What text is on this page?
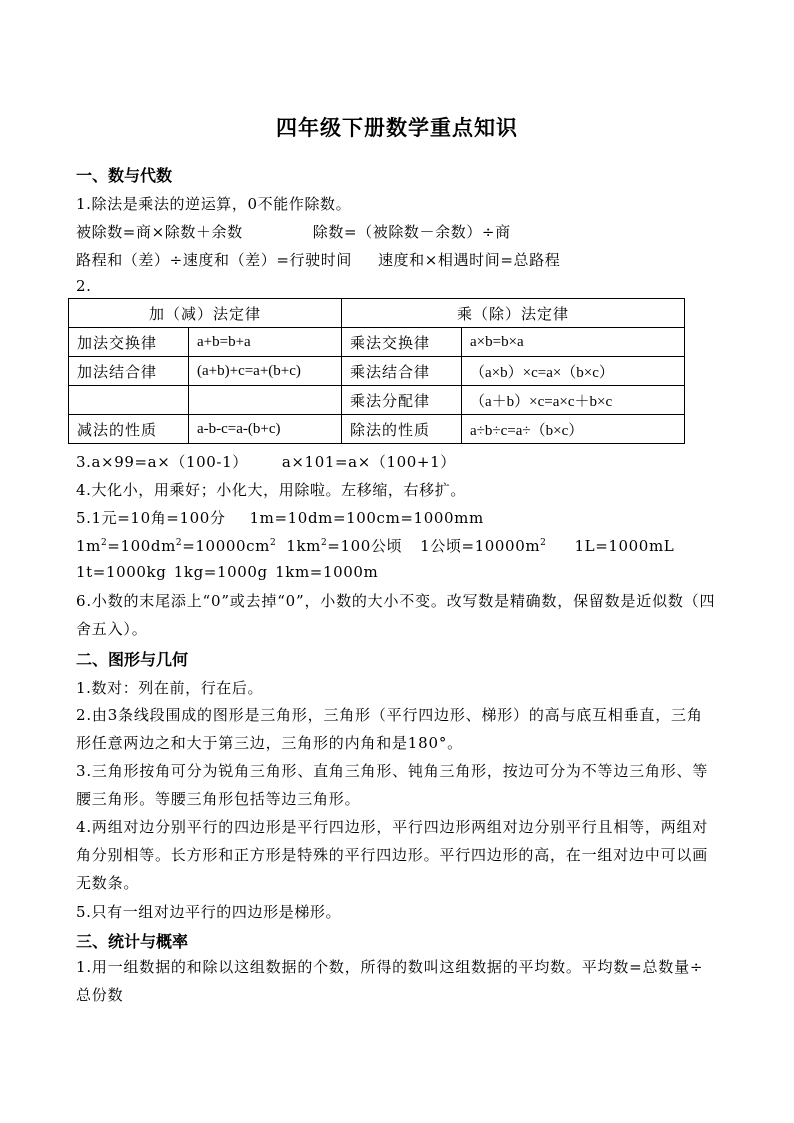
四年级下册数学重点知识
一、数与代数
1.除法是乘法的逆运算，0不能作除数。
被除数=商×除数＋余数	除数=（被除数－余数）÷商
路程和（差）÷速度和（差）=行驶时间 速度和×相遇时间=总路程
2.
加（减）法定律		乘（除）法定律	
加法交换律	a+b=b+a	乘法交换律	a×b=b×a
加法结合律	(a+b)+c=a+(b+c)	乘法结合律	（a×b）×c=a×（b×c）
		乘法分配律	（a＋b）×c=a×c＋b×c
减法的性质	a-b-c=a-(b+c)	除法的性质	a÷b÷c=a÷（b×c）
3.a×99=a×（100-1） a×101=a×（100+1）
4.大化小，用乘好；小化大，用除啦。左移缩，右移扩。
5.1元=10角=100分 1m=10dm=100cm=1000mm
$1m^2=100dm^2=10000cm^2$ $1km^2=100$公顷 1公顷$=10000m^2$ 1L=1000mL
1t=1000kg 1kg=1000g 1km=1000m
6.小数的末尾添上“0”或去掉“0”，小数的大小不变。改写数是精确数，保留数是近似数（四舍五入）。
二、图形与几何
1.数对：列在前，行在后。
2.由3条线段围成的图形是三角形，三角形（平行四边形、梯形）的高与底互相垂直，三角形任意两边之和大于第三边，三角形的内角和是180°。
3.三角形按角可分为锐角三角形、直角三角形、钝角三角形，按边可分为不等边三角形、等腰三角形。等腰三角形包括等边三角形。
4.两组对边分别平行的四边形是平行四边形，平行四边形两组对边分别平行且相等，两组对角分别相等。长方形和正方形是特殊的平行四边形。平行四边形的高，在一组对边中可以画无数条。
5.只有一组对边平行的四边形是梯形。
三、统计与概率
1.用一组数据的和除以这组数据的个数，所得的数叫这组数据的平均数。平均数=总数量÷总份数
